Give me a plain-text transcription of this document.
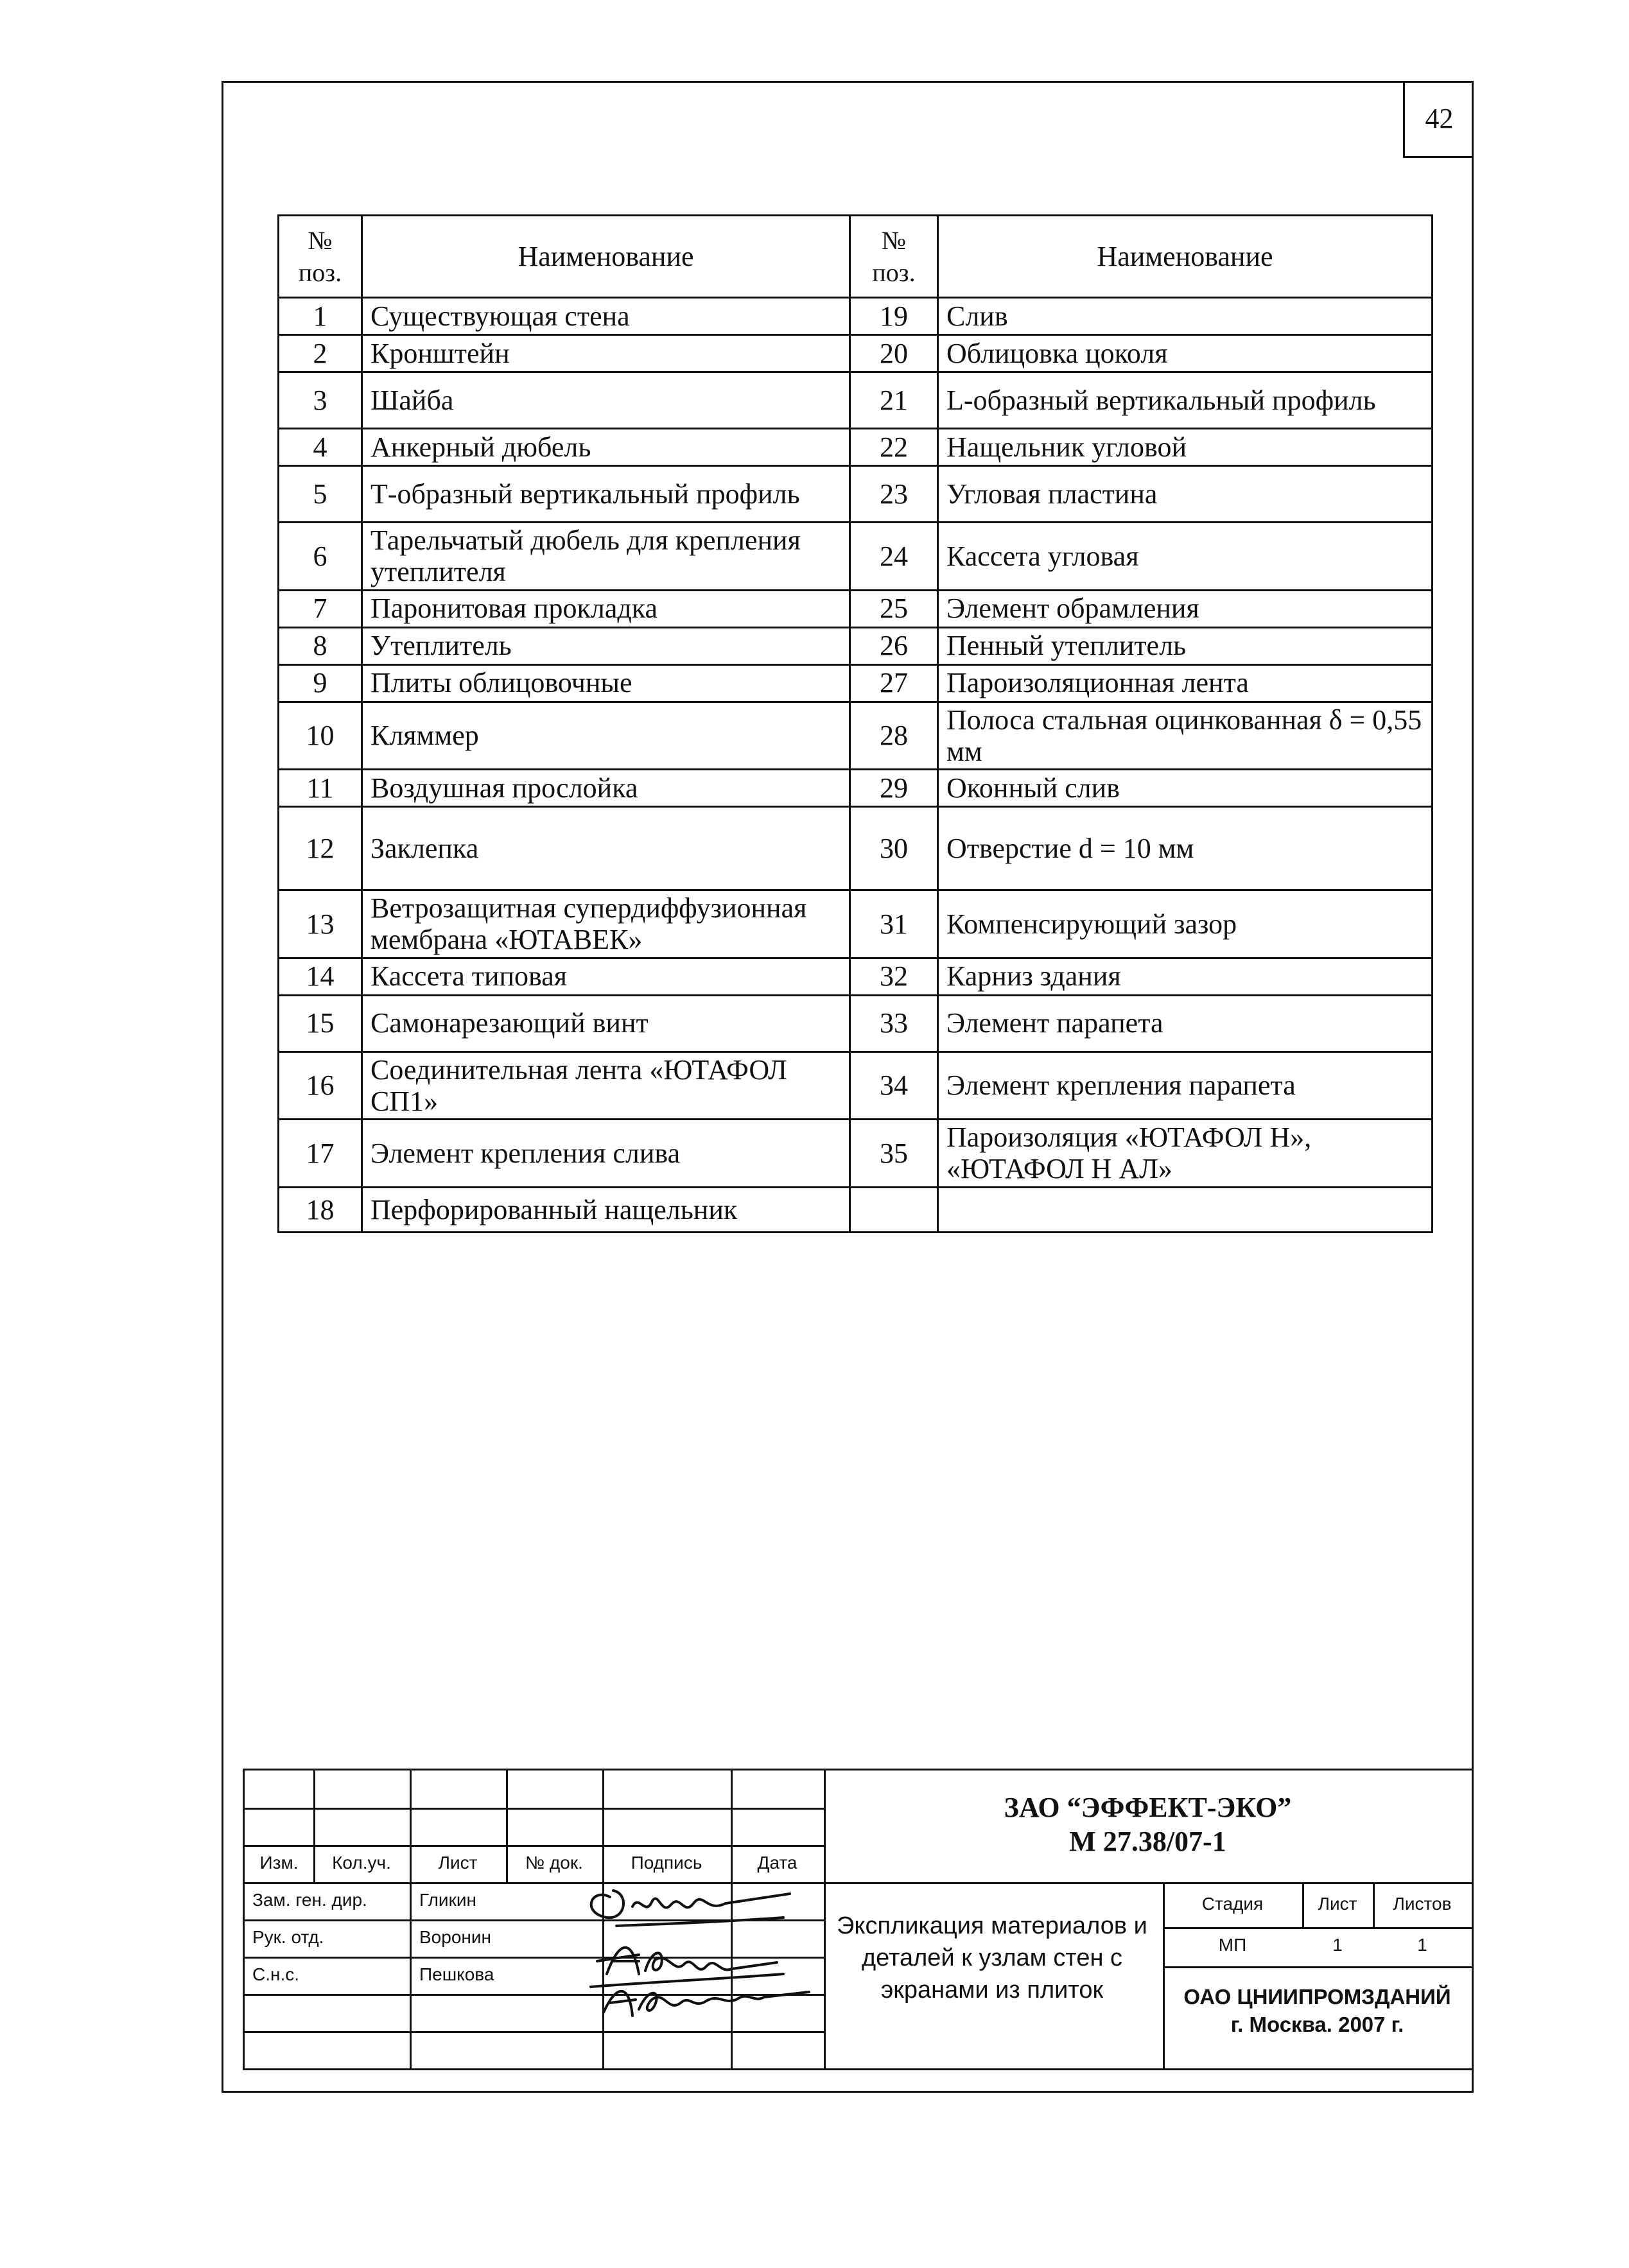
42
№ поз.	Наименование	№ поз.	Наименование
1	Существующая стена	19	Слив
2	Кронштейн	20	Облицовка цоколя
3	Шайба	21	L-образный вертикальный профиль
4	Анкерный дюбель	22	Нащельник угловой
5	Т-образный вертикальный профиль	23	Угловая пластина
6	Тарельчатый дюбель для крепления утеплителя	24	Кассета угловая
7	Паронитовая прокладка	25	Элемент обрамления
8	Утеплитель	26	Пенный утеплитель
9	Плиты облицовочные	27	Пароизоляционная лента
10	Кляммер	28	Полоса стальная оцинкованная δ = 0,55 мм
11	Воздушная прослойка	29	Оконный слив
12	Заклепка	30	Отверстие d = 10 мм
13	Ветрозащитная супердиффузионная мембрана «ЮТАВЕК»	31	Компенсирующий зазор
14	Кассета типовая	32	Карниз здания
15	Самонарезающий винт	33	Элемент парапета
16	Соединительная лента «ЮТАФОЛ СП1»	34	Элемент крепления парапета
17	Элемент крепления слива	35	Пароизоляция «ЮТАФОЛ Н», «ЮТАФОЛ Н АЛ»
18	Перфорированный нащельник		
Изм.	Кол.уч.	Лист	№ док.	Подпись	Дата
Зам. ген. дир.	Гликин
Рук. отд.	Воронин
С.н.с.	Пешкова
Стадия	Лист	Листов
МП	1	1
ЗАО “ЭФФЕКТ-ЭКО”
М 27.38/07-1
Экспликация материалов и деталей к узлам стен с экранами из плиток	ОАО ЦНИИПРОМЗДАНИЙ
г. Москва. 2007 г.
